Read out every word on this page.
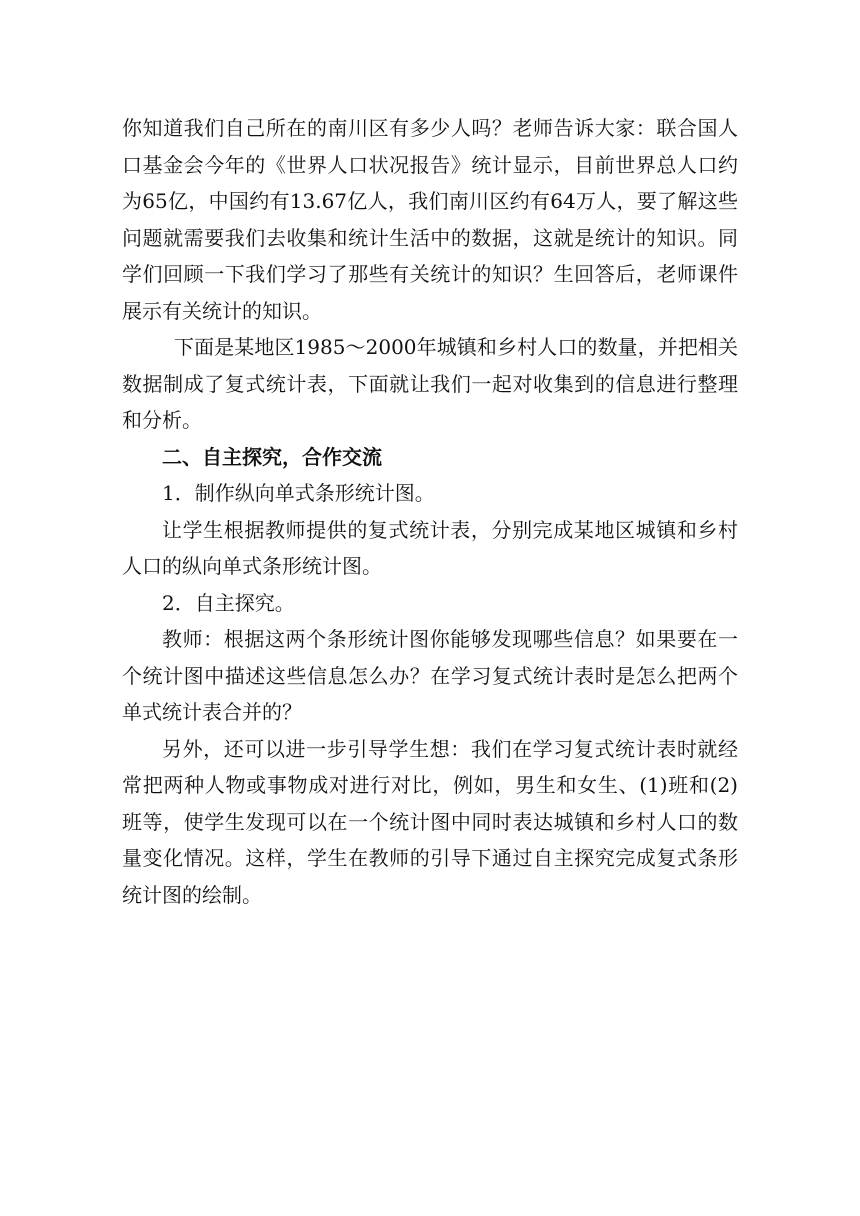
你知道我们自己所在的南川区有多少人吗？老师告诉大家：联合国人口基金会今年的《世界人口状况报告》统计显示，目前世界总人口约为65亿，中国约有13.67亿人，我们南川区约有64万人，要了解这些问题就需要我们去收集和统计生活中的数据，这就是统计的知识。同学们回顾一下我们学习了那些有关统计的知识？生回答后，老师课件展示有关统计的知识。

下面是某地区1985～2000年城镇和乡村人口的数量，并把相关数据制成了复式统计表，下面就让我们一起对收集到的信息进行整理和分析。

二、自主探究，合作交流

1．制作纵向单式条形统计图。

让学生根据教师提供的复式统计表，分别完成某地区城镇和乡村人口的纵向单式条形统计图。

2．自主探究。

教师：根据这两个条形统计图你能够发现哪些信息？如果要在一个统计图中描述这些信息怎么办？在学习复式统计表时是怎么把两个单式统计表合并的？

另外，还可以进一步引导学生想：我们在学习复式统计表时就经常把两种人物或事物成对进行对比，例如，男生和女生、(1)班和(2)班等，使学生发现可以在一个统计图中同时表达城镇和乡村人口的数量变化情况。这样，学生在教师的引导下通过自主探究完成复式条形统计图的绘制。
